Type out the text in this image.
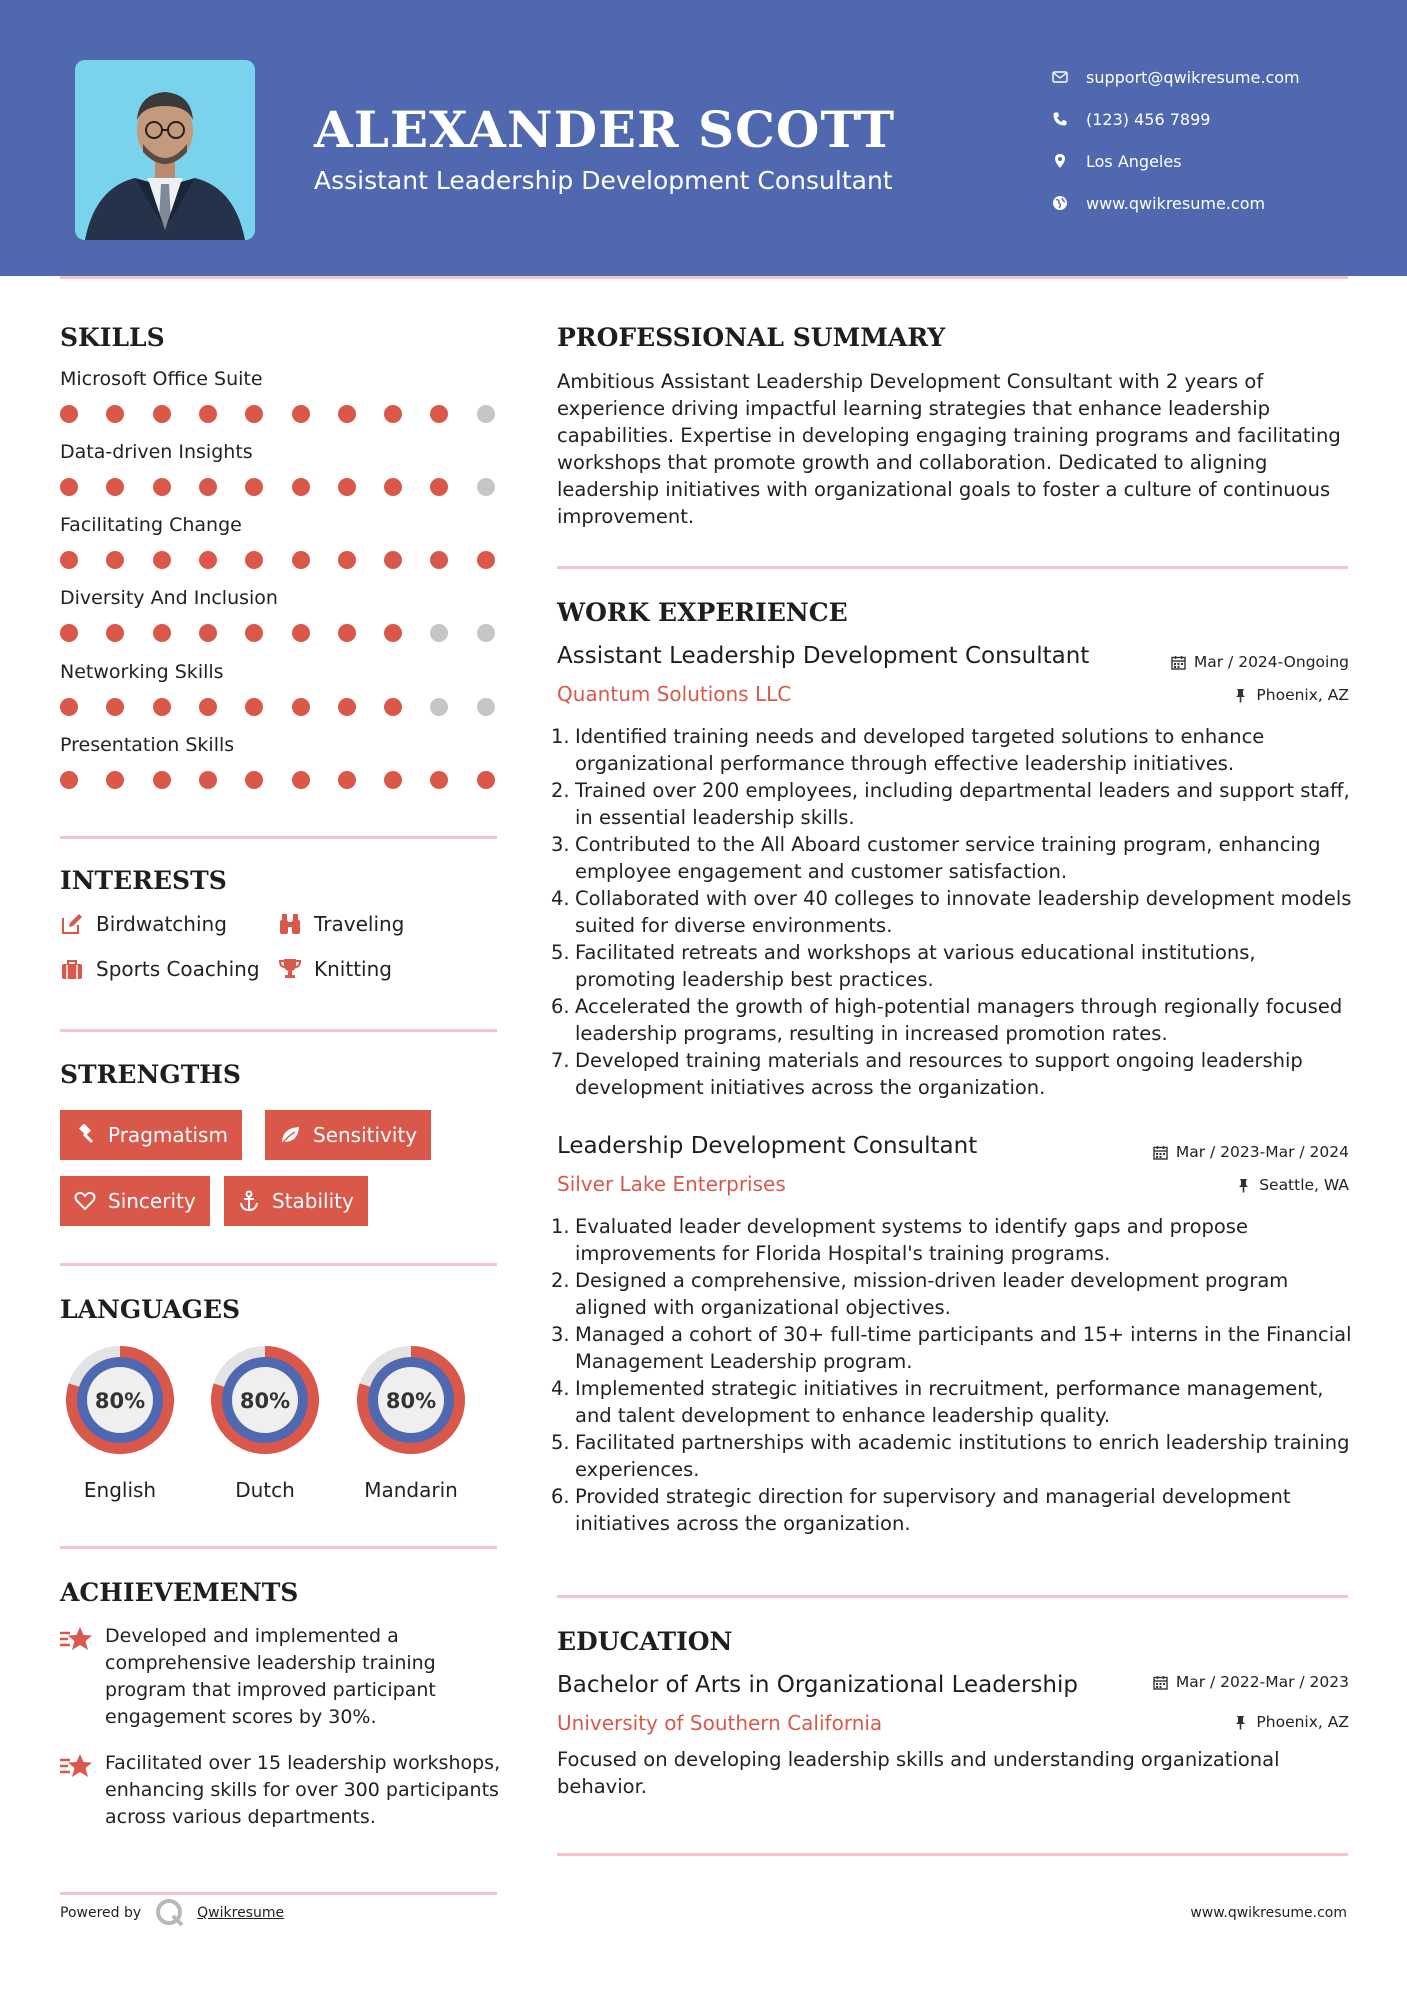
ALEXANDER SCOTT
Assistant Leadership Development Consultant
support@qwikresume.com
(123) 456 7899
Los Angeles
www.qwikresume.com
SKILLS
Microsoft Office Suite
Data-driven Insights
Facilitating Change
Diversity And Inclusion
Networking Skills
Presentation Skills
INTERESTS
Birdwatching	Traveling
Sports Coaching	Knitting
STRENGTHS
Pragmatism	Sensitivity
Sincerity	Stability
LANGUAGES
80%
English
80%
Dutch
80%
Mandarin
ACHIEVEMENTS
Developed and implemented a comprehensive leadership training program that improved participant engagement scores by 30%.
Facilitated over 15 leadership workshops, enhancing skills for over 300 participants across various departments.
Powered by	Qwikresume	www.qwikresume.com
PROFESSIONAL SUMMARY
Ambitious Assistant Leadership Development Consultant with 2 years of experience driving impactful learning strategies that enhance leadership capabilities. Expertise in developing engaging training programs and facilitating workshops that promote growth and collaboration. Dedicated to aligning leadership initiatives with organizational goals to foster a culture of continuous improvement.
WORK EXPERIENCE
Assistant Leadership Development Consultant	Mar / 2024-Ongoing
Quantum Solutions LLC	Phoenix, AZ
1. Identified training needs and developed targeted solutions to enhance organizational performance through effective leadership initiatives.
2. Trained over 200 employees, including departmental leaders and support staff, in essential leadership skills.
3. Contributed to the All Aboard customer service training program, enhancing employee engagement and customer satisfaction.
4. Collaborated with over 40 colleges to innovate leadership development models suited for diverse environments.
5. Facilitated retreats and workshops at various educational institutions, promoting leadership best practices.
6. Accelerated the growth of high-potential managers through regionally focused leadership programs, resulting in increased promotion rates.
7. Developed training materials and resources to support ongoing leadership development initiatives across the organization.
Leadership Development Consultant	Mar / 2023-Mar / 2024
Silver Lake Enterprises	Seattle, WA
1. Evaluated leader development systems to identify gaps and propose improvements for Florida Hospital's training programs.
2. Designed a comprehensive, mission-driven leader development program aligned with organizational objectives.
3. Managed a cohort of 30+ full-time participants and 15+ interns in the Financial Management Leadership program.
4. Implemented strategic initiatives in recruitment, performance management, and talent development to enhance leadership quality.
5. Facilitated partnerships with academic institutions to enrich leadership training experiences.
6. Provided strategic direction for supervisory and managerial development initiatives across the organization.
EDUCATION
Bachelor of Arts in Organizational Leadership	Mar / 2022-Mar / 2023
University of Southern California	Phoenix, AZ
Focused on developing leadership skills and understanding organizational behavior.
